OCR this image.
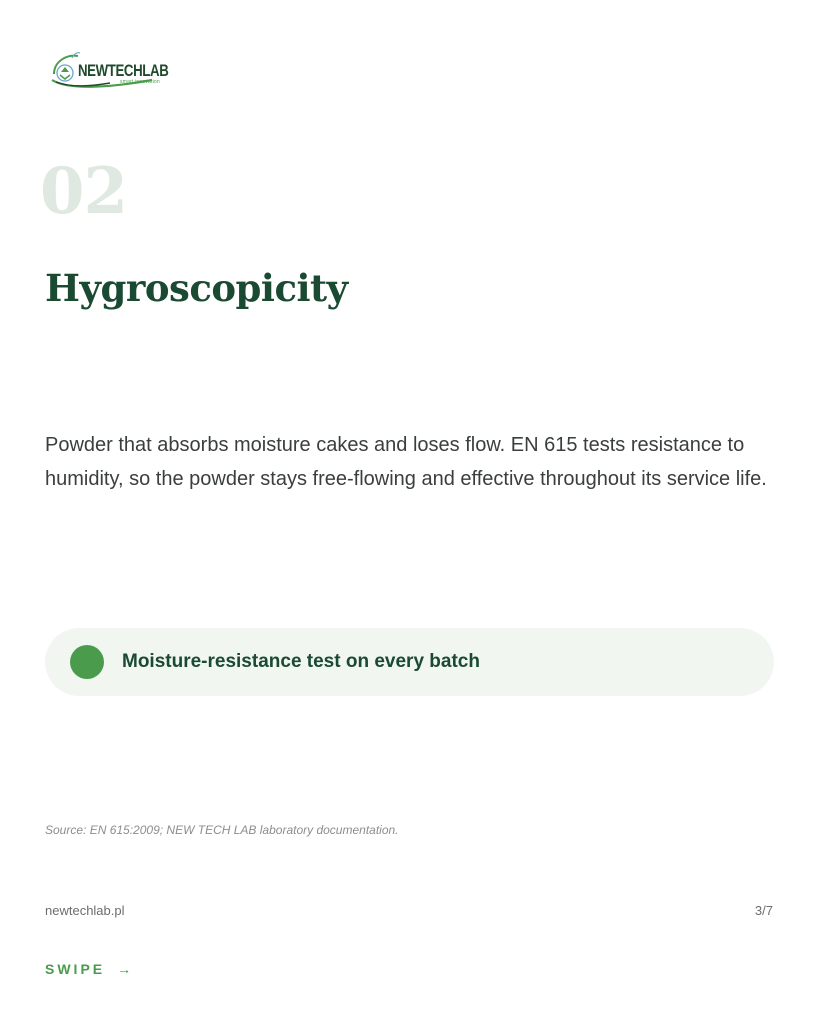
NEWTECHLAB
smart innovation
02
Hygroscopicity

Powder that absorbs moisture cakes and loses flow. EN 615 tests resistance to humidity, so the powder stays free-flowing and effective throughout its service life.

Moisture-resistance test on every batch
Source: EN 615:2009; NEW TECH LAB laboratory documentation.
newtechlab.pl	3/7
SWIPE →
